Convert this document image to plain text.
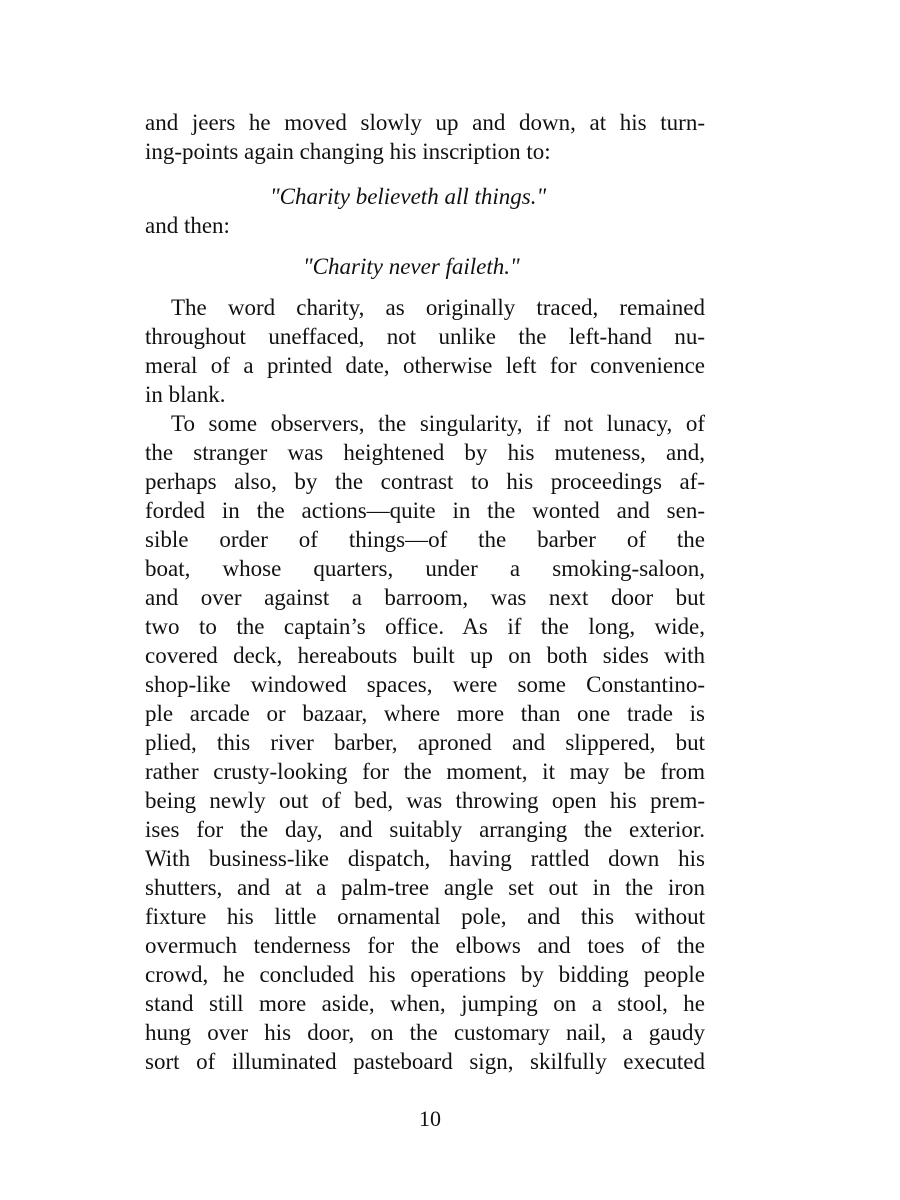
and jeers he moved slowly up and down, at his turn-
ing-points again changing his inscription to:
"Charity believeth all things."
and then:
"Charity never faileth."
The word charity, as originally traced, remained
throughout uneffaced, not unlike the left-hand nu-
meral of a printed date, otherwise left for convenience
in blank.
To some observers, the singularity, if not lunacy, of
the stranger was heightened by his muteness, and,
perhaps also, by the contrast to his proceedings af-
forded in the actions—quite in the wonted and sen-
sible order of things—of the barber of the
boat, whose quarters, under a smoking-saloon,
and over against a barroom, was next door but
two to the captain’s office. As if the long, wide,
covered deck, hereabouts built up on both sides with
shop-like windowed spaces, were some Constantino-
ple arcade or bazaar, where more than one trade is
plied, this river barber, aproned and slippered, but
rather crusty-looking for the moment, it may be from
being newly out of bed, was throwing open his prem-
ises for the day, and suitably arranging the exterior.
With business-like dispatch, having rattled down his
shutters, and at a palm-tree angle set out in the iron
fixture his little ornamental pole, and this without
overmuch tenderness for the elbows and toes of the
crowd, he concluded his operations by bidding people
stand still more aside, when, jumping on a stool, he
hung over his door, on the customary nail, a gaudy
sort of illuminated pasteboard sign, skilfully executed
10
